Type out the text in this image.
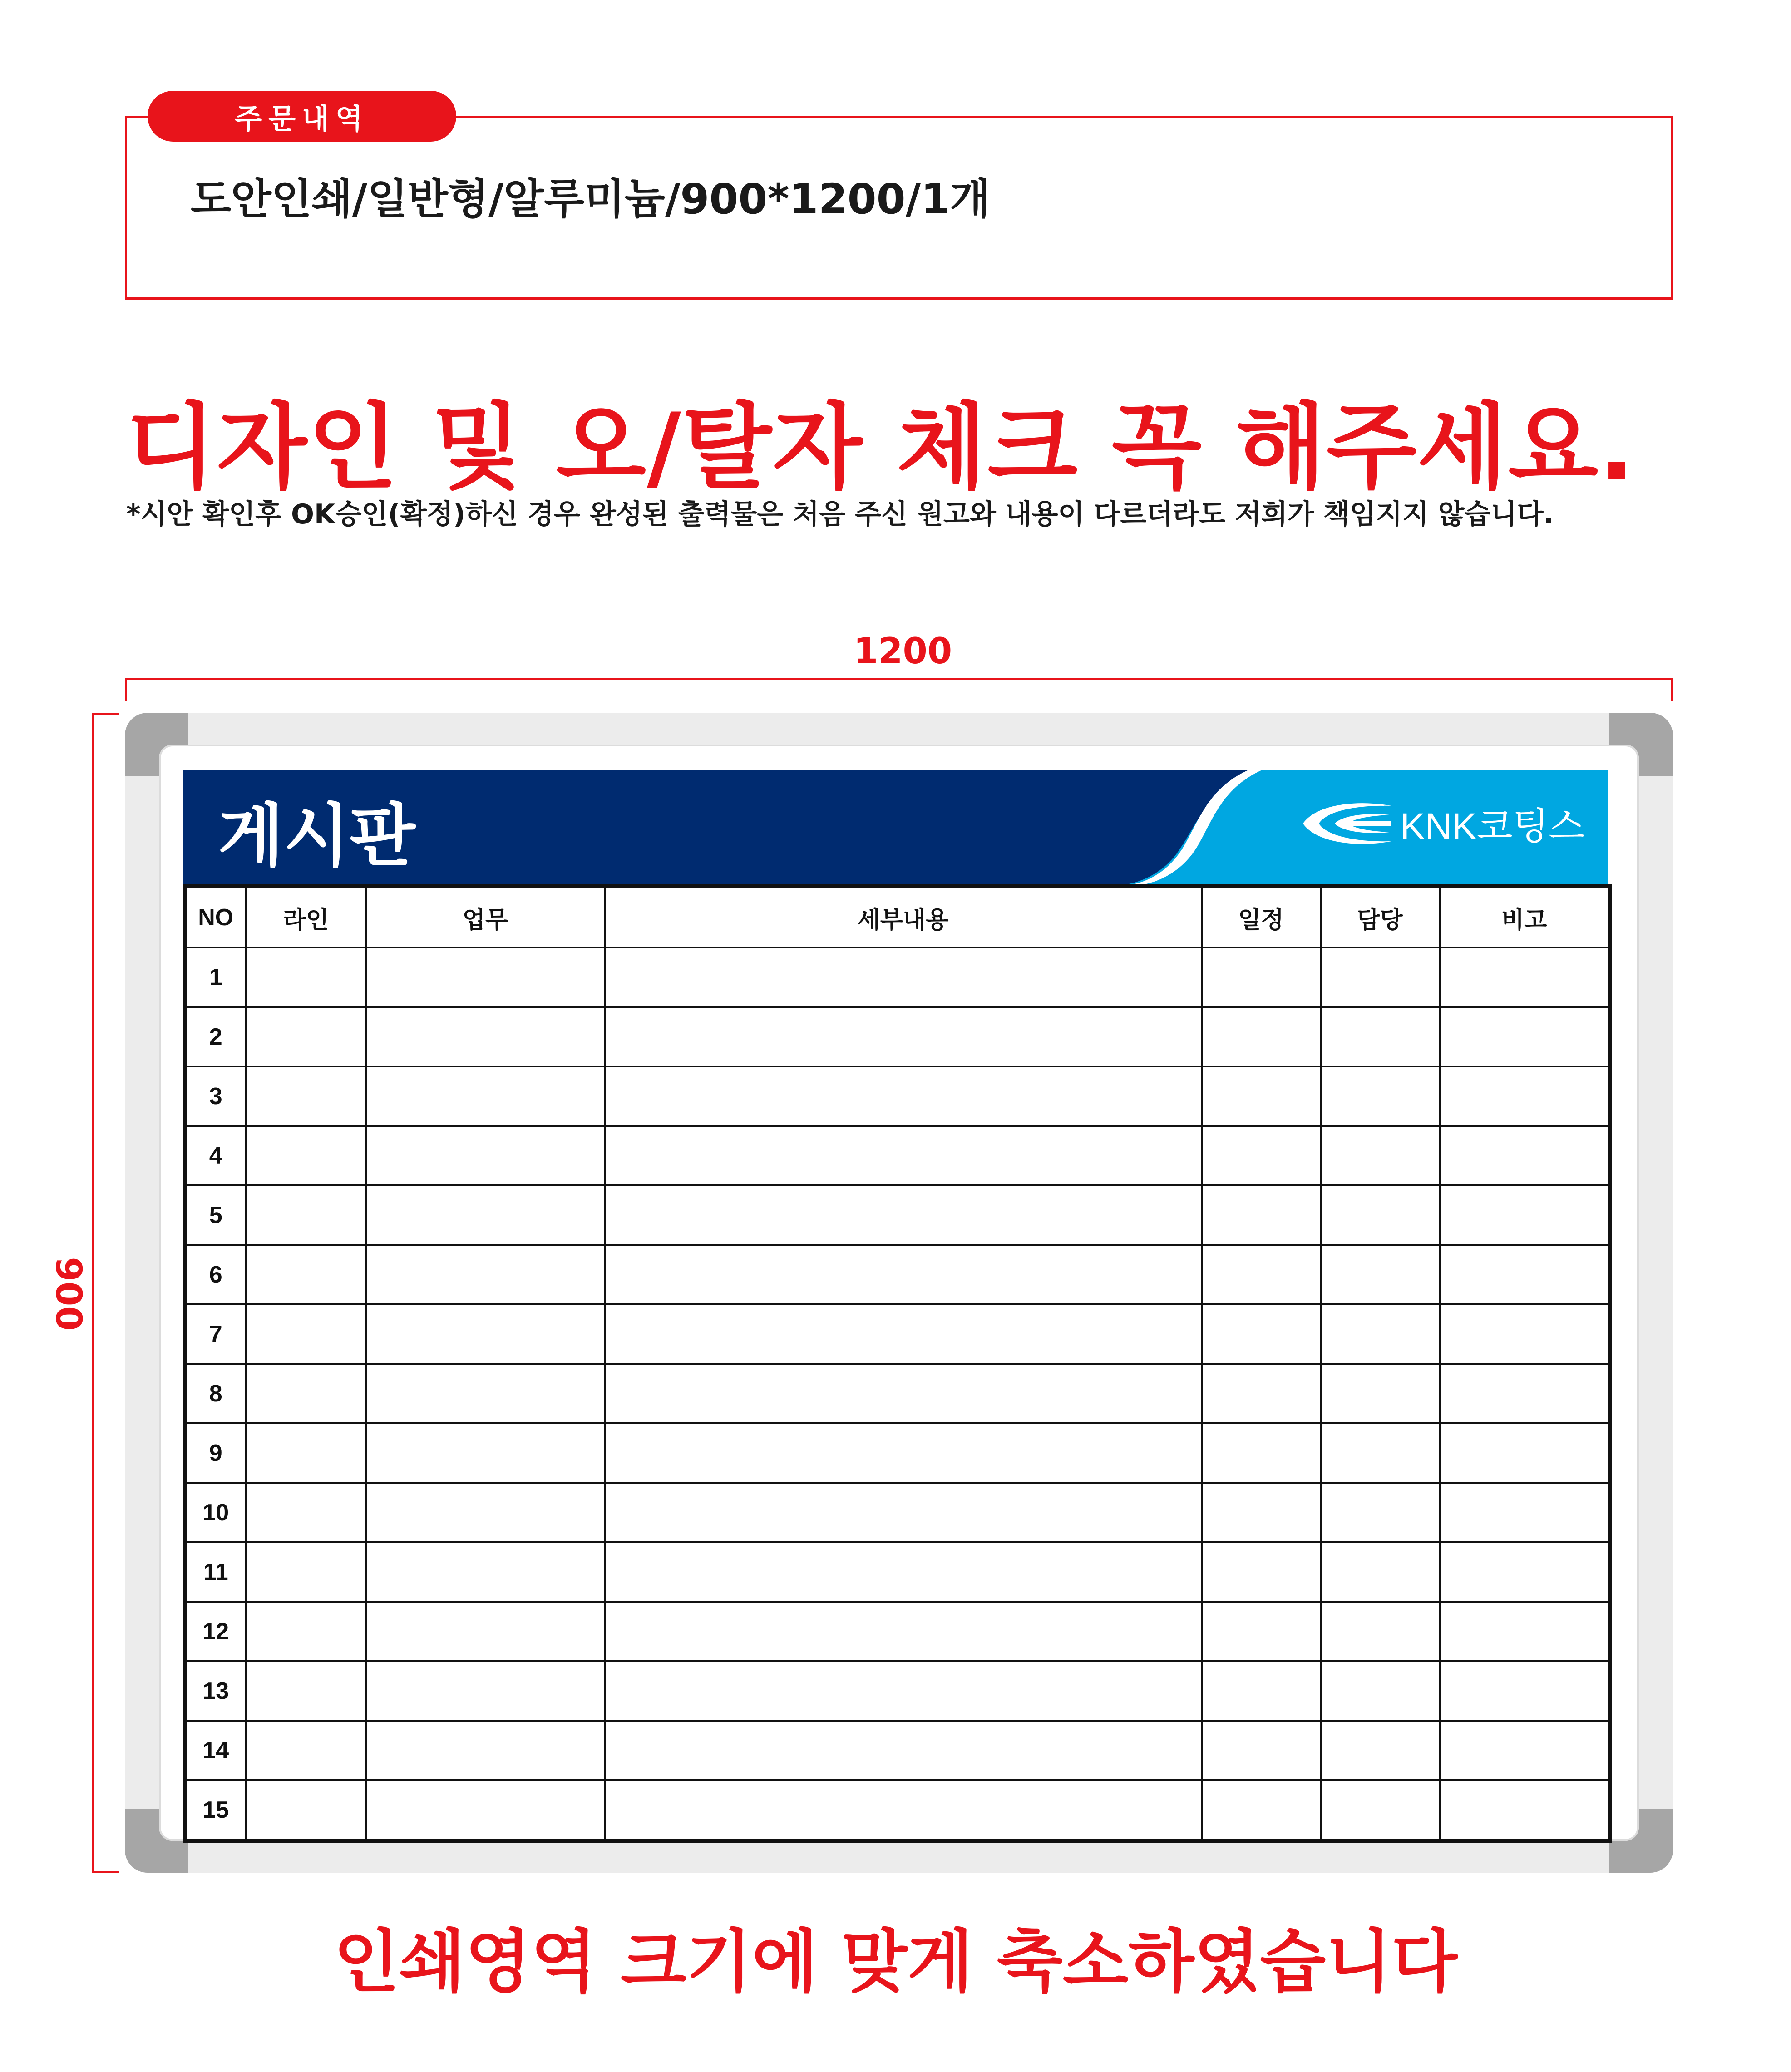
주문내역
도안인쇄/일반형/알루미늄/900*1200/1개
디자인 및 오/탈자 체크 꼭 해주세요.
*시안 확인후 OK승인(확정)하신 경우 완성된 출력물은 처음 주신 원고와 내용이 다르더라도 저희가 책임지지 않습니다.
1200
900
게시판	KNK코팅스
NO	라인	업무	세부내용	일정	담당	비고
1						
2						
3						
4						
5						
6						
7						
8						
9						
10						
11						
12						
13						
14						
15						
인쇄영역 크기에 맞게 축소하였습니다
